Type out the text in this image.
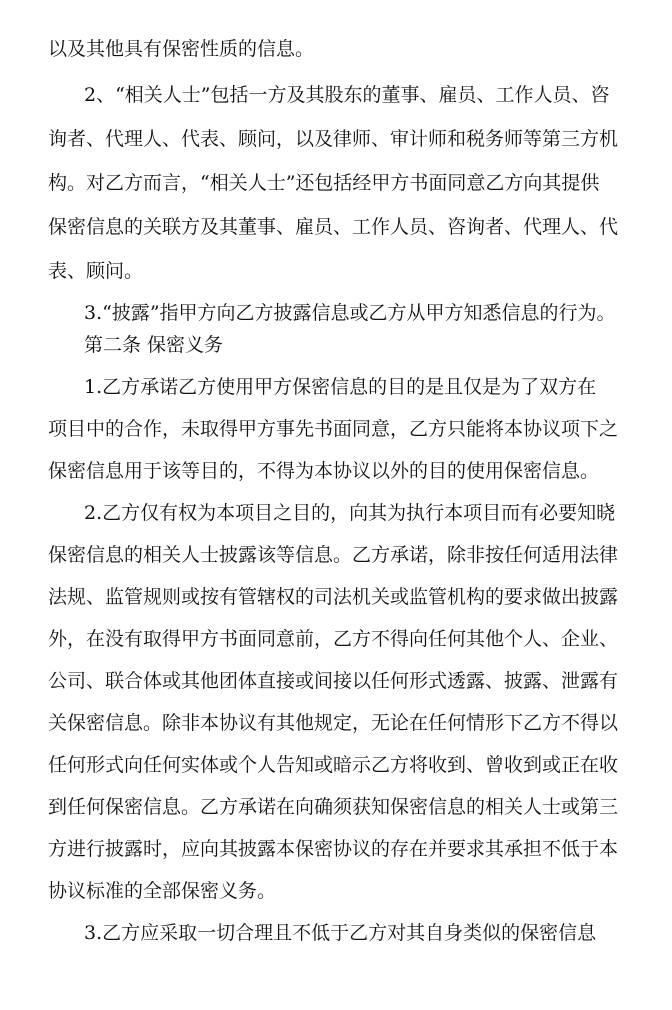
以及其他具有保密性质的信息。
2、“相关人士”包括一方及其股东的董事、雇员、工作人员、咨
询者、代理人、代表、顾问，以及律师、审计师和税务师等第三方机
构。对乙方而言，“相关人士”还包括经甲方书面同意乙方向其提供
保密信息的关联方及其董事、雇员、工作人员、咨询者、代理人、代
表、顾问。
3.“披露”指甲方向乙方披露信息或乙方从甲方知悉信息的行为。
第二条 保密义务
1.乙方承诺乙方使用甲方保密信息的目的是且仅是为了双方在
项目中的合作，未取得甲方事先书面同意，乙方只能将本协议项下之
保密信息用于该等目的，不得为本协议以外的目的使用保密信息。
2.乙方仅有权为本项目之目的，向其为执行本项目而有必要知晓
保密信息的相关人士披露该等信息。乙方承诺，除非按任何适用法律
法规、监管规则或按有管辖权的司法机关或监管机构的要求做出披露
外，在没有取得甲方书面同意前，乙方不得向任何其他个人、企业、
公司、联合体或其他团体直接或间接以任何形式透露、披露、泄露有
关保密信息。除非本协议有其他规定，无论在任何情形下乙方不得以
任何形式向任何实体或个人告知或暗示乙方将收到、曾收到或正在收
到任何保密信息。乙方承诺在向确须获知保密信息的相关人士或第三
方进行披露时，应向其披露本保密协议的存在并要求其承担不低于本
协议标准的全部保密义务。
3.乙方应采取一切合理且不低于乙方对其自身类似的保密信息
